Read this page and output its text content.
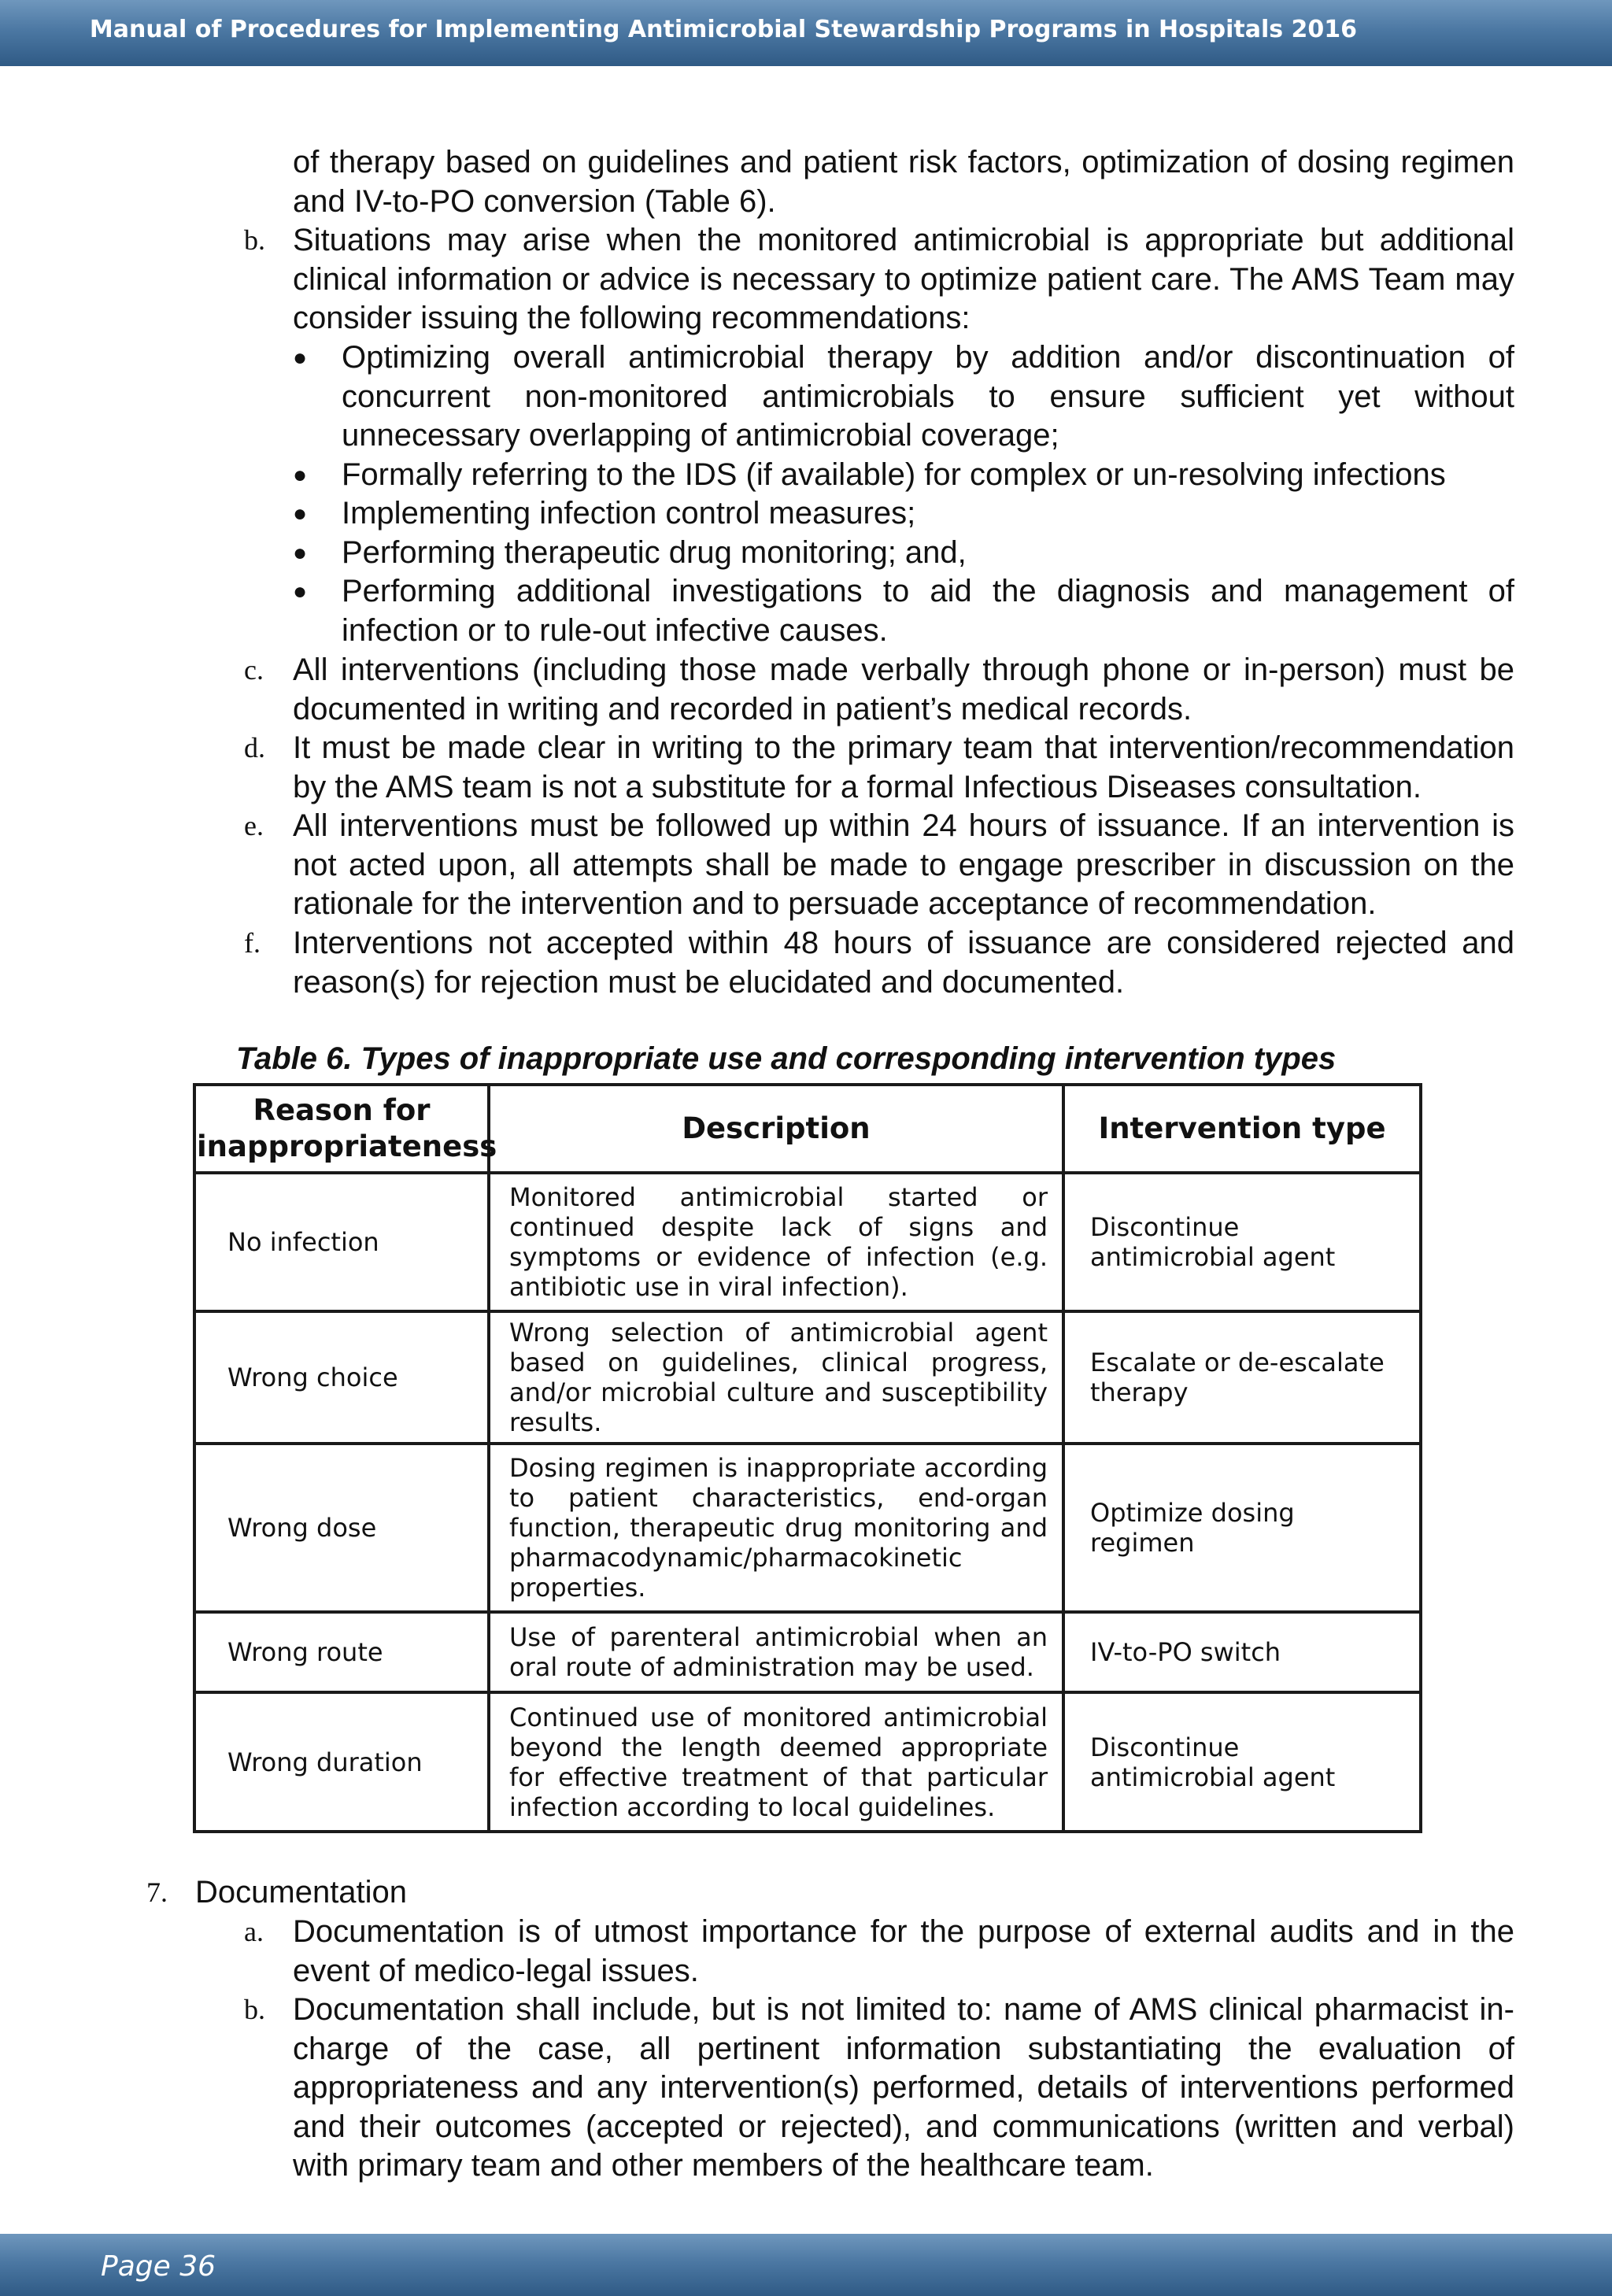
Manual of Procedures for Implementing Antimicrobial Stewardship Programs in Hospitals 2016
of therapy based on guidelines and patient risk factors, optimization of dosing regimen and IV-to-PO conversion (Table 6).
b. Situations may arise when the monitored antimicrobial is appropriate but additional clinical information or advice is necessary to optimize patient care. The AMS Team may consider issuing the following recommendations:
● Optimizing overall antimicrobial therapy by addition and/or discontinuation of concurrent non-monitored antimicrobials to ensure sufficient yet without unnecessary overlapping of antimicrobial coverage;
● Formally referring to the IDS (if available) for complex or un-resolving infections
● Implementing infection control measures;
● Performing therapeutic drug monitoring; and,
● Performing additional investigations to aid the diagnosis and management of infection or to rule-out infective causes.
c. All interventions (including those made verbally through phone or in-person) must be documented in writing and recorded in patient’s medical records.
d. It must be made clear in writing to the primary team that intervention/recommendation by the AMS team is not a substitute for a formal Infectious Diseases consultation.
e. All interventions must be followed up within 24 hours of issuance. If an intervention is not acted upon, all attempts shall be made to engage prescriber in discussion on the rationale for the intervention and to persuade acceptance of recommendation.
f. Interventions not accepted within 48 hours of issuance are considered rejected and reason(s) for rejection must be elucidated and documented.
Table 6. Types of inappropriate use and corresponding intervention types
Reason for inappropriateness	Description	Intervention type
No infection	Monitored antimicrobial started or continued despite lack of signs and symptoms or evidence of infection (e.g. antibiotic use in viral infection).	Discontinue antimicrobial agent
Wrong choice	Wrong selection of antimicrobial agent based on guidelines, clinical progress, and/or microbial culture and susceptibility results.	Escalate or de-escalate therapy
Wrong dose	Dosing regimen is inappropriate according to patient characteristics, end-organ function, therapeutic drug monitoring and pharmacodynamic/pharmacokinetic properties.	Optimize dosing regimen
Wrong route	Use of parenteral antimicrobial when an oral route of administration may be used.	IV-to-PO switch
Wrong duration	Continued use of monitored antimicrobial beyond the length deemed appropriate for effective treatment of that particular infection according to local guidelines.	Discontinue antimicrobial agent
7. Documentation
a. Documentation is of utmost importance for the purpose of external audits and in the event of medico-legal issues.
b. Documentation shall include, but is not limited to: name of AMS clinical pharmacist in-charge of the case, all pertinent information substantiating the evaluation of appropriateness and any intervention(s) performed, details of interventions performed and their outcomes (accepted or rejected), and communications (written and verbal) with primary team and other members of the healthcare team.
Page 36
